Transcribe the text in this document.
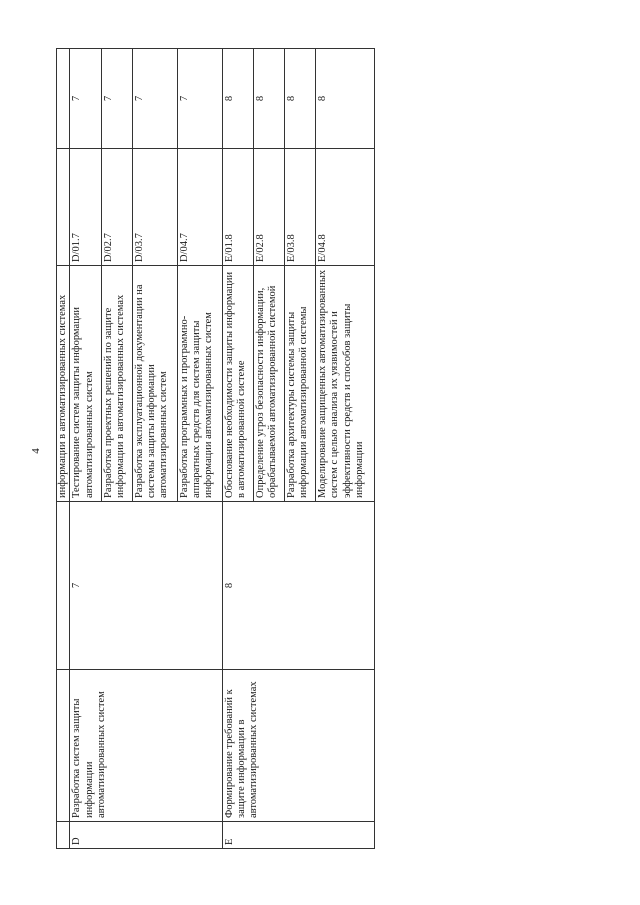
4
			информации в автоматизированных системах		
D	Разработка систем защиты информации автоматизированных систем	7	Тестирование систем защиты информации автоматизированных систем	D/01.7	7
			Разработка проектных решений по защите информации в автоматизированных системах	D/02.7	7
			Разработка эксплуатационной документации на системы защиты информации автоматизированных систем	D/03.7	7
			Разработка программных и программно-аппаратных средств для систем защиты информации автоматизированных систем	D/04.7	7
E	Формирование требований к защите информации в автоматизированных системах	8	Обоснование необходимости защиты информации в автоматизированной системе	E/01.8	8
			Определение угроз безопасности информации, обрабатываемой автоматизированной системой	E/02.8	8
			Разработка архитектуры системы защиты информации автоматизированной системы	E/03.8	8
			Моделирование защищенных автоматизированных систем с целью анализа их уязвимостей и эффективности средств и способов защиты информации	E/04.8	8
